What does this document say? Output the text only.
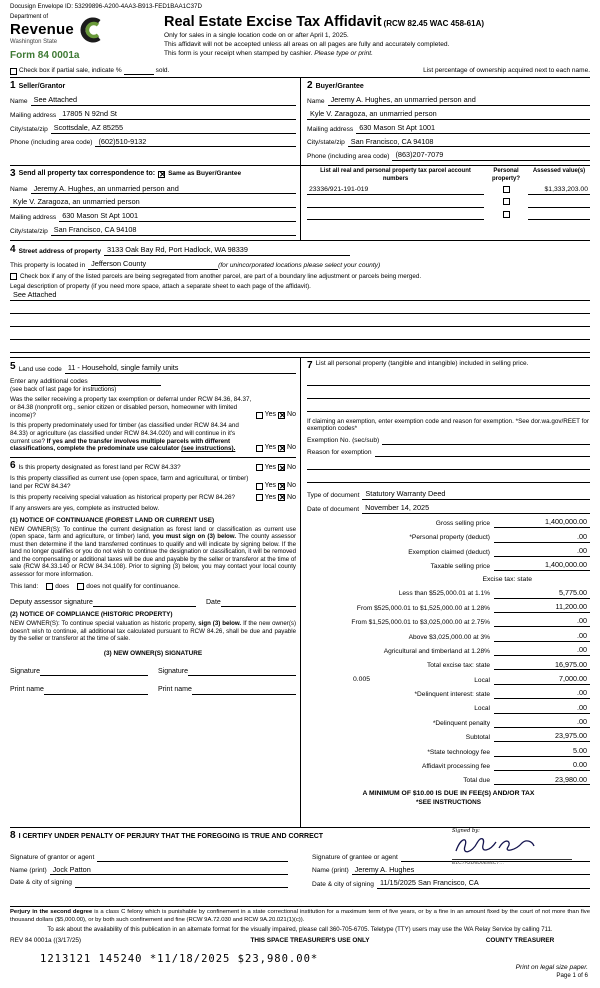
Docusign Envelope ID: 53299896-A200-4AA3-B913-FED1BAA1C37D
Department of
Revenue
Washington State
Form 84 0001a
Real Estate Excise Tax Affidavit (RCW 82.45 WAC 458-61A)
Only for sales in a single location code on or after April 1, 2025.
This affidavit will not be accepted unless all areas on all pages are fully and accurately completed.
This form is your receipt when stamped by cashier. Please type or print.
Check box if partial sale, indicate %	sold.	List percentage of ownership acquired next to each name.
1 Seller/Grantor
Name See Attached
Mailing address 17805 N 92nd St
City/state/zip Scottsdale, AZ 85255
Phone (including area code) (602)510-9132
2 Buyer/Grantee
Name Jeremy A. Hughes, an unmarried person and
Kyle V. Zaragoza, an unmarried person
Mailing address 630 Mason St Apt 1001
City/state/zip San Francisco, CA 94108
Phone (including area code) (863)207-7079
3 Send all property tax correspondence to: ✕ Same as Buyer/Grantee
Name Jeremy A. Hughes, an unmarried person and
Kyle V. Zaragoza, an unmarried person
Mailing address 630 Mason St Apt 1001
City/state/zip San Francisco, CA 94108
List all real and personal property tax parcel account numbers
Personal property?
Assessed value(s)
23336/921-191-019	$1,333,203.00
4 Street address of property 3133 Oak Bay Rd, Port Hadlock, WA 98339
This property is located in Jefferson County	(for unincorporated locations please select your county)
Check box if any of the listed parcels are being segregated from another parcel, are part of a boundary line adjustment or parcels being merged.
Legal description of property (if you need more space, attach a separate sheet to each page of the affidavit).
See Attached
5 Land use code 11 - Household, single family units
Enter any additional codes
(see back of last page for instructions)
Was the seller receiving a property tax exemption or deferral under RCW 84.36, 84.37, or 84.38 (nonprofit org., senior citizen or disabled person, homeowner with limited income)?	Yes ✕ No
Is this property predominately used for timber (as classified under RCW 84.34 and 84.33) or agriculture (as classified under RCW 84.34.020) and will continue in it's current use? If yes and the transfer involves multiple parcels with different classifications, complete the predominate use calculator (see instructions).	Yes ✕ No
6 Is this property designated as forest land per RCW 84.33?	Yes ✕ No
Is this property classified as current use (open space, farm and agricultural, or timber) land per RCW 84.34?	Yes ✕ No
Is this property receiving special valuation as historical property per RCW 84.26?	Yes ✕ No
If any answers are yes, complete as instructed below.
(1) NOTICE OF CONTINUANCE (FOREST LAND OR CURRENT USE)

NEW OWNER(S): To continue the current designation as forest land or classification as current use (open space, farm and agriculture, or timber) land, you must sign on (3) below. The county assessor must then determine if the land transferred continues to qualify and will indicate by signing below. If the land no longer qualifies or you do not wish to continue the designation or classification, it will be removed and the compensating or additional taxes will be due and payable by the seller or transferor at the time of sale (RCW 84.33.140 or RCW 84.34.108). Prior to signing (3) below, you may contact your local county assessor for more information.

This land:	does	does not qualify for continuance.
Deputy assessor signature	Date
(2) NOTICE OF COMPLIANCE (HISTORIC PROPERTY)

NEW OWNER(S): To continue special valuation as historic property, sign (3) below. If the new owner(s) doesn't wish to continue, all additional tax calculated pursuant to RCW 84.26, shall be due and payable by the seller or transferor at the time of sale.

(3) NEW OWNER(S) SIGNATURE
Signature	Signature
Print name	Print name
7 List all personal property (tangible and intangible) included in selling price.
If claiming an exemption, enter exemption code and reason for exemption. *See dor.wa.gov/REET for exemption codes*
Exemption No. (sec/sub)
Reason for exemption
Type of document Statutory Warranty Deed
Date of document November 14, 2025
Gross selling price	1,400,000.00
*Personal property (deduct)	.00
Exemption claimed (deduct)	.00
Taxable selling price	1,400,000.00
Excise tax: state
Less than $525,000.01 at 1.1%	5,775.00
From $525,000.01 to $1,525,000.00 at 1.28%	11,200.00
From $1,525,000.01 to $3,025,000.00 at 2.75%	.00
Above $3,025,000.00 at 3%	.00
Agricultural and timberland at 1.28%	.00
Total excise tax: state	16,975.00
0.005	Local	7,000.00
*Delinquent interest: state	.00
Local	.00
*Delinquent penalty	.00
Subtotal	23,975.00
*State technology fee	5.00
Affidavit processing fee	0.00
Total due	23,980.00
A MINIMUM OF $10.00 IS DUE IN FEE(S) AND/OR TAX
*SEE INSTRUCTIONS
8 I CERTIFY UNDER PENALTY OF PERJURY THAT THE FOREGOING IS TRUE AND CORRECT
Signature of grantor or agent
Name (print) Jock Patton
Date & city of signing
Signature of grantee or agent
Signed by:
B1C7A2D6D0E84C7...
Name (print) Jeremy A. Hughes
Date & city of signing 11/15/2025 San Francisco, CA

Perjury in the second degree is a class C felony which is punishable by confinement in a state correctional institution for a maximum term of five years, or by a fine in an amount fixed by the court of not more than five thousand dollars ($5,000.00), or by both such confinement and fine (RCW 9A.72.030 and RCW 9A.20.021(1)(c)).

To ask about the availability of this publication in an alternate format for the visually impaired, please call 360-705-6705. Teletype (TTY) users may use the WA Relay Service by calling 711.
REV 84 0001a ((3/17/25)	THIS SPACE TREASURER'S USE ONLY	COUNTY TREASURER
1213121 145240 *11/18/2025 $23,980.00*
Print on legal size paper.
Page 1 of 6
